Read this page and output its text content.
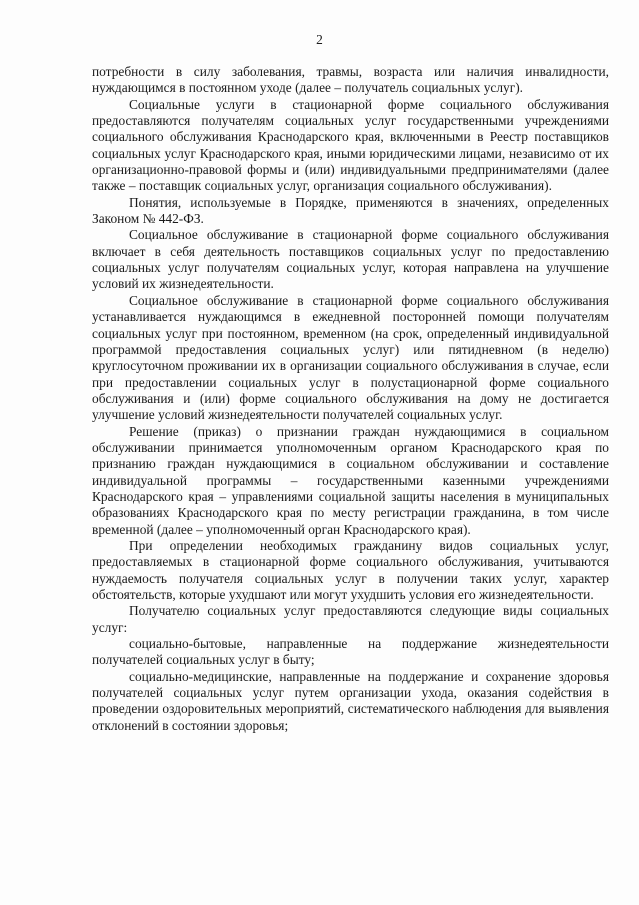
2

потребности в силу заболевания, травмы, возраста или наличия инвалидности, нуждающимся в постоянном уходе (далее – получатель социальных услуг).

Социальные услуги в стационарной форме социального обслуживания предоставляются получателям социальных услуг государственными учреждениями социального обслуживания Краснодарского края, включенными в Реестр поставщиков социальных услуг Краснодарского края, иными юридическими лицами, независимо от их организационно-правовой формы и (или) индивидуальными предпринимателями (далее также – поставщик социальных услуг, организация социального обслуживания).

Понятия, используемые в Порядке, применяются в значениях, определенных Законом № 442-ФЗ.

Социальное обслуживание в стационарной форме социального обслуживания включает в себя деятельность поставщиков социальных услуг по предоставлению социальных услуг получателям социальных услуг, которая направлена на улучшение условий их жизнедеятельности.

Социальное обслуживание в стационарной форме социального обслуживания устанавливается нуждающимся в ежедневной посторонней помощи получателям социальных услуг при постоянном, временном (на срок, определенный индивидуальной программой предоставления социальных услуг) или пятидневном (в неделю) круглосуточном проживании их в организации социального обслуживания в случае, если при предоставлении социальных услуг в полустационарной форме социального обслуживания и (или) форме социального обслуживания на дому не достигается улучшение условий жизнедеятельности получателей социальных услуг.

Решение (приказ) о признании граждан нуждающимися в социальном обслуживании принимается уполномоченным органом Краснодарского края по признанию граждан нуждающимися в социальном обслуживании и составление индивидуальной программы – государственными казенными учреждениями Краснодарского края – управлениями социальной защиты населения в муниципальных образованиях Краснодарского края по месту регистрации гражданина, в том числе временной (далее – уполномоченный орган Краснодарского края).

При определении необходимых гражданину видов социальных услуг, предоставляемых в стационарной форме социального обслуживания, учитываются нуждаемость получателя социальных услуг в получении таких услуг, характер обстоятельств, которые ухудшают или могут ухудшить условия его жизнедеятельности.

Получателю социальных услуг предоставляются следующие виды социальных услуг:

социально-бытовые, направленные на поддержание жизнедеятельности получателей социальных услуг в быту;

социально-медицинские, направленные на поддержание и сохранение здоровья получателей социальных услуг путем организации ухода, оказания содействия в проведении оздоровительных мероприятий, систематического наблюдения для выявления отклонений в состоянии здоровья;
